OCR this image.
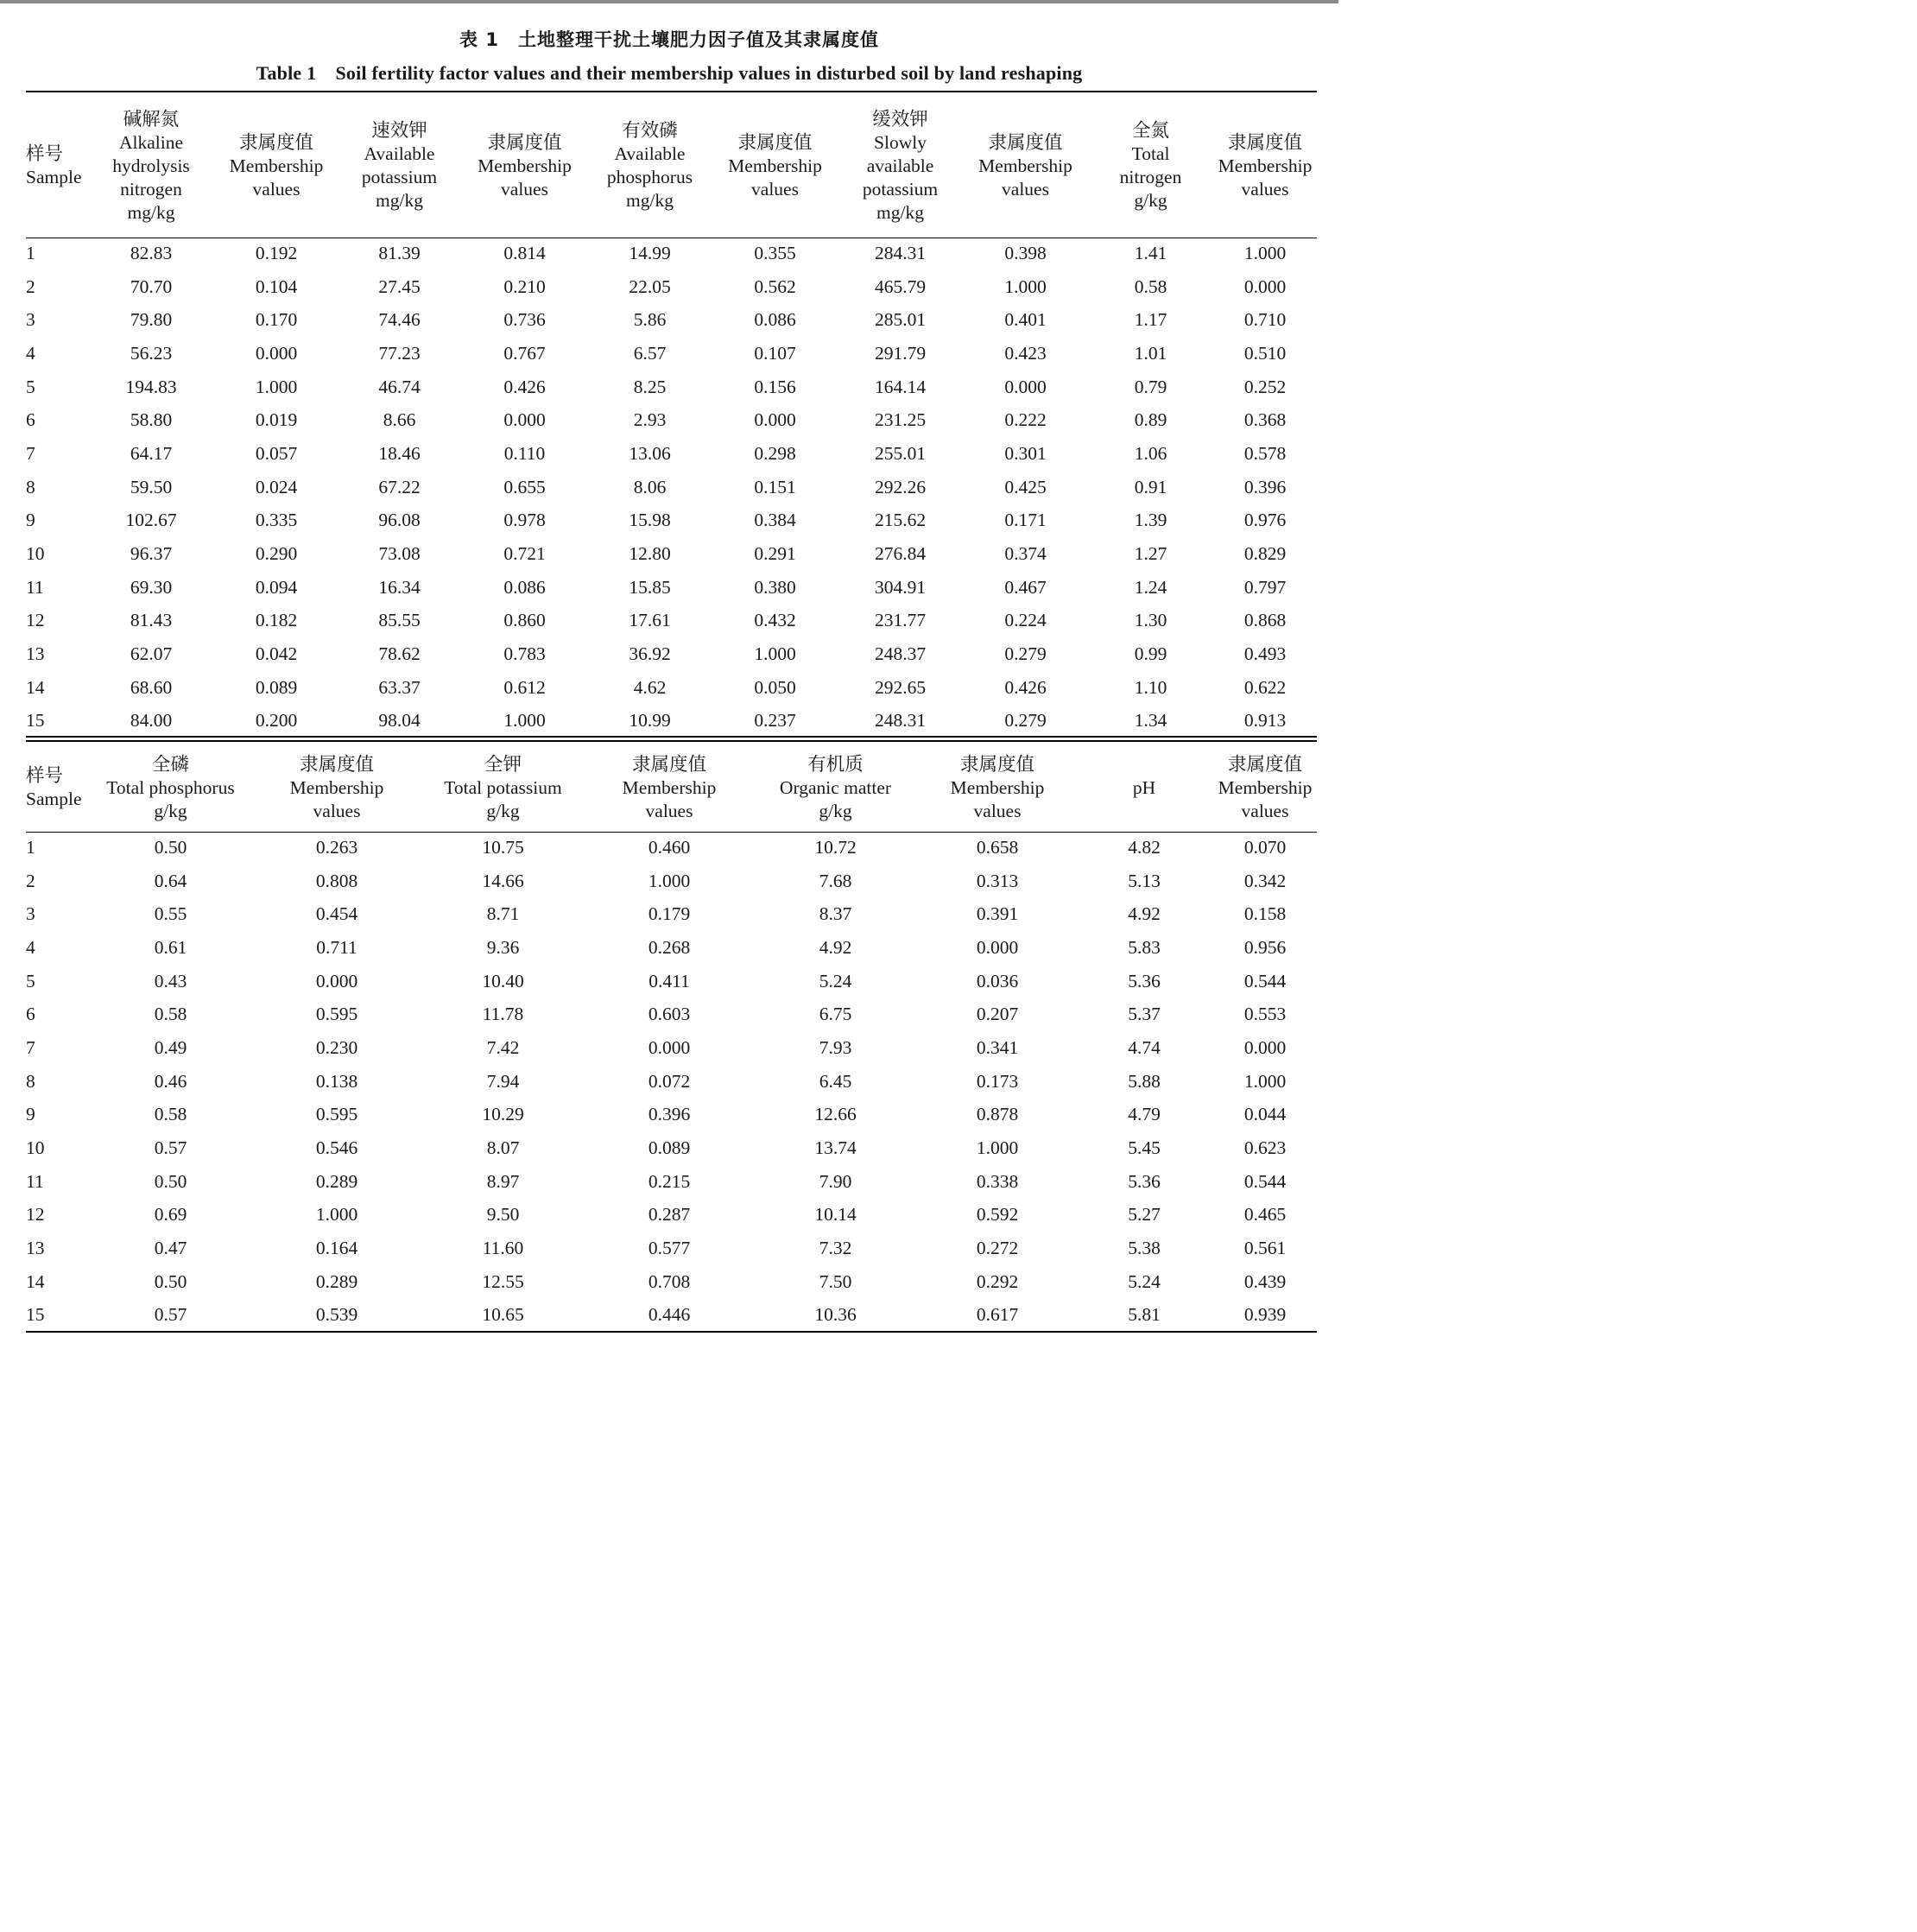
表 1　土地整理干扰土壤肥力因子值及其隶属度值
Table 1　Soil fertility factor values and their membership values in disturbed soil by land reshaping
样号
Sample	碱解氮
Alkaline
hydrolysis
nitrogen
mg/kg	隶属度值
Membership
values	速效钾
Available
potassium
mg/kg	隶属度值
Membership
values	有效磷
Available
phosphorus
mg/kg	隶属度值
Membership
values	缓效钾
Slowly
available
potassium
mg/kg	隶属度值
Membership
values	全氮
Total
nitrogen
g/kg	隶属度值
Membership
values

1	82.83	0.192	81.39	0.814	14.99	0.355	284.31	0.398	1.41	1.000
2	70.70	0.104	27.45	0.210	22.05	0.562	465.79	1.000	0.58	0.000
3	79.80	0.170	74.46	0.736	5.86	0.086	285.01	0.401	1.17	0.710
4	56.23	0.000	77.23	0.767	6.57	0.107	291.79	0.423	1.01	0.510
5	194.83	1.000	46.74	0.426	8.25	0.156	164.14	0.000	0.79	0.252
6	58.80	0.019	8.66	0.000	2.93	0.000	231.25	0.222	0.89	0.368
7	64.17	0.057	18.46	0.110	13.06	0.298	255.01	0.301	1.06	0.578
8	59.50	0.024	67.22	0.655	8.06	0.151	292.26	0.425	0.91	0.396
9	102.67	0.335	96.08	0.978	15.98	0.384	215.62	0.171	1.39	0.976
10	96.37	0.290	73.08	0.721	12.80	0.291	276.84	0.374	1.27	0.829
11	69.30	0.094	16.34	0.086	15.85	0.380	304.91	0.467	1.24	0.797
12	81.43	0.182	85.55	0.860	17.61	0.432	231.77	0.224	1.30	0.868
13	62.07	0.042	78.62	0.783	36.92	1.000	248.37	0.279	0.99	0.493
14	68.60	0.089	63.37	0.612	4.62	0.050	292.65	0.426	1.10	0.622
15	84.00	0.200	98.04	1.000	10.99	0.237	248.31	0.279	1.34	0.913
样号
Sample	全磷
Total phosphorus
g/kg	隶属度值
Membership
values	全钾
Total potassium
g/kg	隶属度值
Membership
values	有机质
Organic matter
g/kg	隶属度值
Membership
values	pH	隶属度值
Membership
values

1	0.50	0.263	10.75	0.460	10.72	0.658	4.82	0.070
2	0.64	0.808	14.66	1.000	7.68	0.313	5.13	0.342
3	0.55	0.454	8.71	0.179	8.37	0.391	4.92	0.158
4	0.61	0.711	9.36	0.268	4.92	0.000	5.83	0.956
5	0.43	0.000	10.40	0.411	5.24	0.036	5.36	0.544
6	0.58	0.595	11.78	0.603	6.75	0.207	5.37	0.553
7	0.49	0.230	7.42	0.000	7.93	0.341	4.74	0.000
8	0.46	0.138	7.94	0.072	6.45	0.173	5.88	1.000
9	0.58	0.595	10.29	0.396	12.66	0.878	4.79	0.044
10	0.57	0.546	8.07	0.089	13.74	1.000	5.45	0.623
11	0.50	0.289	8.97	0.215	7.90	0.338	5.36	0.544
12	0.69	1.000	9.50	0.287	10.14	0.592	5.27	0.465
13	0.47	0.164	11.60	0.577	7.32	0.272	5.38	0.561
14	0.50	0.289	12.55	0.708	7.50	0.292	5.24	0.439
15	0.57	0.539	10.65	0.446	10.36	0.617	5.81	0.939
